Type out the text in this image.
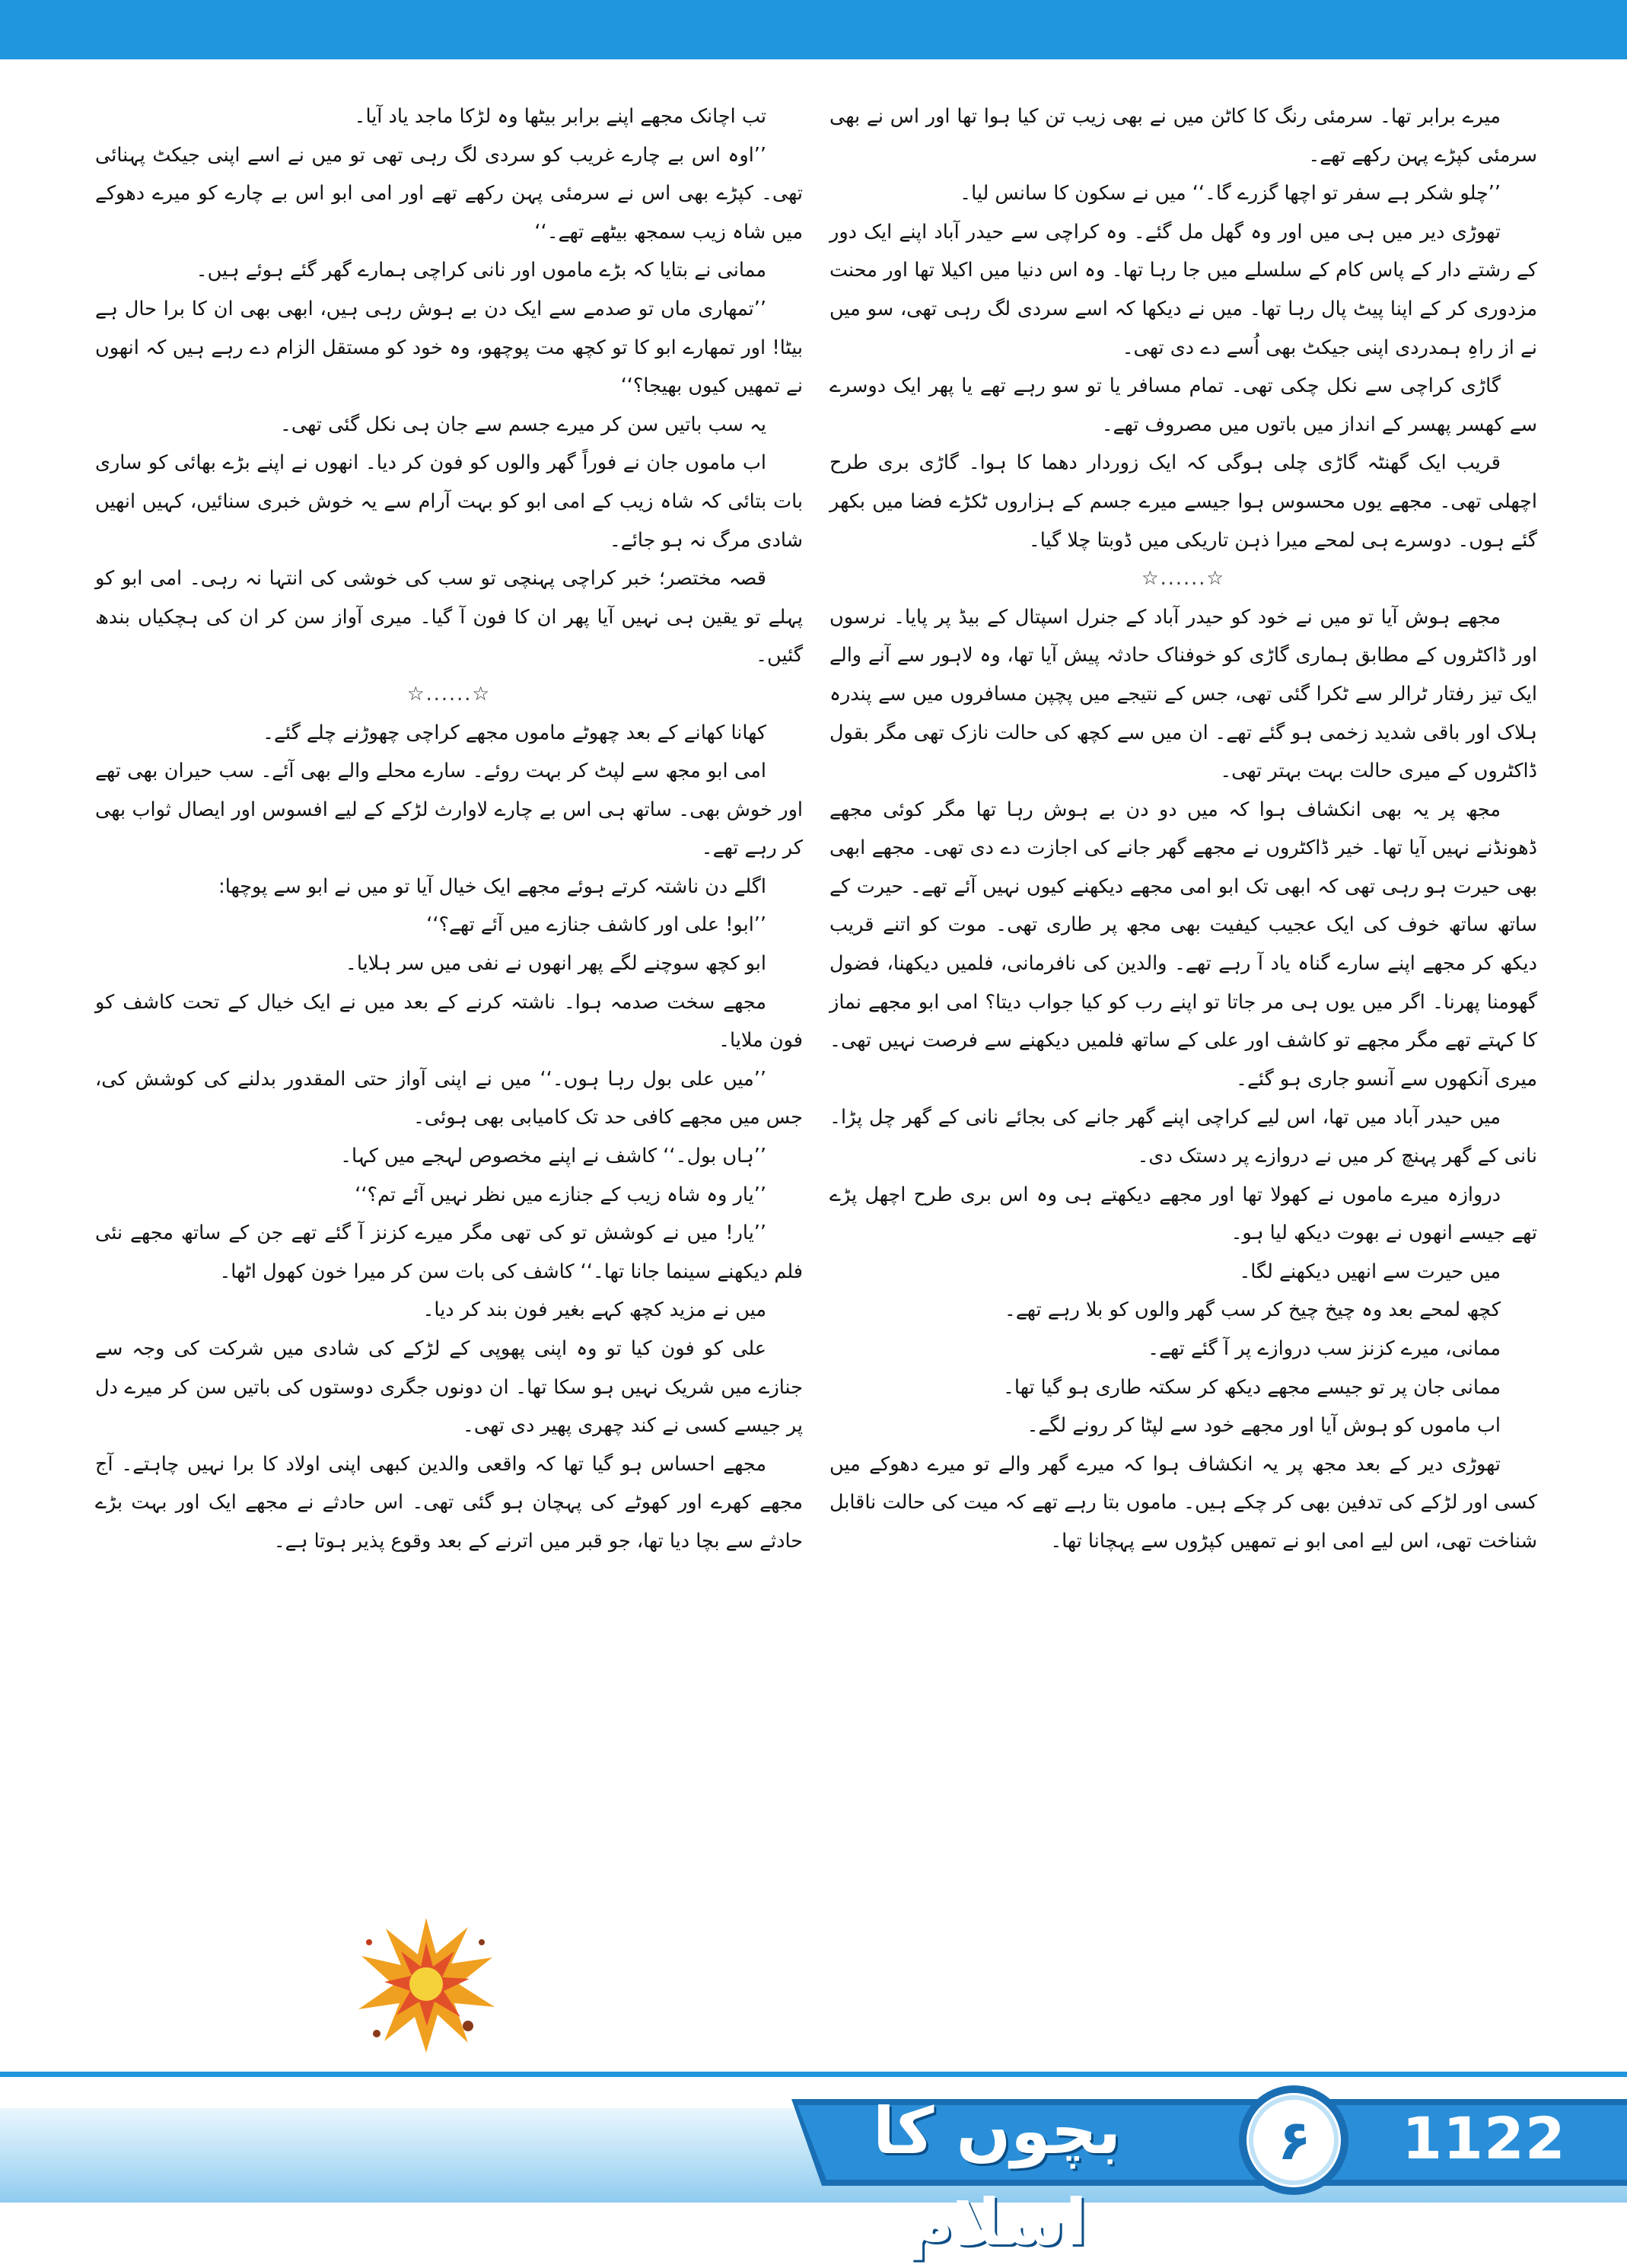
میرے برابر تھا۔ سرمئی رنگ کا کاٹن میں نے بھی زیب تن کیا ہوا تھا اور اس نے بھی سرمئی کپڑے پہن رکھے تھے۔

’’چلو شکر ہے سفر تو اچھا گزرے گا۔‘‘ میں نے سکون کا سانس لیا۔

تھوڑی دیر میں ہی میں اور وہ گھل مل گئے۔ وہ کراچی سے حیدر آباد اپنے ایک دور کے رشتے دار کے پاس کام کے سلسلے میں جا رہا تھا۔ وہ اس دنیا میں اکیلا تھا اور محنت مزدوری کر کے اپنا پیٹ پال رہا تھا۔ میں نے دیکھا کہ اسے سردی لگ رہی تھی، سو میں نے از راہِ ہمدردی اپنی جیکٹ بھی اُسے دے دی تھی۔

گاڑی کراچی سے نکل چکی تھی۔ تمام مسافر یا تو سو رہے تھے یا پھر ایک دوسرے سے کھسر پھسر کے انداز میں باتوں میں مصروف تھے۔

قریب ایک گھنٹہ گاڑی چلی ہوگی کہ ایک زوردار دھما کا ہوا۔ گاڑی بری طرح اچھلی تھی۔ مجھے یوں محسوس ہوا جیسے میرے جسم کے ہزاروں ٹکڑے فضا میں بکھر گئے ہوں۔ دوسرے ہی لمحے میرا ذہن تاریکی میں ڈوبتا چلا گیا۔

☆......☆

مجھے ہوش آیا تو میں نے خود کو حیدر آباد کے جنرل اسپتال کے بیڈ پر پایا۔ نرسوں اور ڈاکٹروں کے مطابق ہماری گاڑی کو خوفناک حادثہ پیش آیا تھا، وہ لاہور سے آنے والے ایک تیز رفتار ٹرالر سے ٹکرا گئی تھی، جس کے نتیجے میں پچپن مسافروں میں سے پندرہ ہلاک اور باقی شدید زخمی ہو گئے تھے۔ ان میں سے کچھ کی حالت نازک تھی مگر بقول ڈاکٹروں کے میری حالت بہت بہتر تھی۔

مجھ پر یہ بھی انکشاف ہوا کہ میں دو دن بے ہوش رہا تھا مگر کوئی مجھے ڈھونڈنے نہیں آیا تھا۔ خیر ڈاکٹروں نے مجھے گھر جانے کی اجازت دے دی تھی۔ مجھے ابھی بھی حیرت ہو رہی تھی کہ ابھی تک ابو امی مجھے دیکھنے کیوں نہیں آئے تھے۔ حیرت کے ساتھ ساتھ خوف کی ایک عجیب کیفیت بھی مجھ پر طاری تھی۔ موت کو اتنے قریب دیکھ کر مجھے اپنے سارے گناہ یاد آ رہے تھے۔ والدین کی نافرمانی، فلمیں دیکھنا، فضول گھومنا پھرنا۔ اگر میں یوں ہی مر جاتا تو اپنے رب کو کیا جواب دیتا؟ امی ابو مجھے نماز کا کہتے تھے مگر مجھے تو کاشف اور علی کے ساتھ فلمیں دیکھنے سے فرصت نہیں تھی۔ میری آنکھوں سے آنسو جاری ہو گئے۔

میں حیدر آباد میں تھا، اس لیے کراچی اپنے گھر جانے کی بجائے نانی کے گھر چل پڑا۔ نانی کے گھر پہنچ کر میں نے دروازے پر دستک دی۔

دروازہ میرے ماموں نے کھولا تھا اور مجھے دیکھتے ہی وہ اس بری طرح اچھل پڑے تھے جیسے انھوں نے بھوت دیکھ لیا ہو۔

میں حیرت سے انھیں دیکھنے لگا۔

کچھ لمحے بعد وہ چیخ چیخ کر سب گھر والوں کو بلا رہے تھے۔

ممانی، میرے کزنز سب دروازے پر آ گئے تھے۔

ممانی جان پر تو جیسے مجھے دیکھ کر سکتہ طاری ہو گیا تھا۔

اب ماموں کو ہوش آیا اور مجھے خود سے لپٹا کر رونے لگے۔

تھوڑی دیر کے بعد مجھ پر یہ انکشاف ہوا کہ میرے گھر والے تو میرے دھوکے میں کسی اور لڑکے کی تدفین بھی کر چکے ہیں۔ ماموں بتا رہے تھے کہ میت کی حالت ناقابل شناخت تھی، اس لیے امی ابو نے تمھیں کپڑوں سے پہچانا تھا۔

تب اچانک مجھے اپنے برابر بیٹھا وہ لڑکا ماجد یاد آیا۔

’’اوہ اس بے چارے غریب کو سردی لگ رہی تھی تو میں نے اسے اپنی جیکٹ پہنائی تھی۔ کپڑے بھی اس نے سرمئی پہن رکھے تھے اور امی ابو اس بے چارے کو میرے دھوکے میں شاہ زیب سمجھ بیٹھے تھے۔‘‘

ممانی نے بتایا کہ بڑے ماموں اور نانی کراچی ہمارے گھر گئے ہوئے ہیں۔

’’تمھاری ماں تو صدمے سے ایک دن بے ہوش رہی ہیں، ابھی بھی ان کا برا حال ہے بیٹا! اور تمھارے ابو کا تو کچھ مت پوچھو، وہ خود کو مستقل الزام دے رہے ہیں کہ انھوں نے تمھیں کیوں بھیجا؟‘‘

یہ سب باتیں سن کر میرے جسم سے جان ہی نکل گئی تھی۔

اب ماموں جان نے فوراً گھر والوں کو فون کر دیا۔ انھوں نے اپنے بڑے بھائی کو ساری بات بتائی کہ شاہ زیب کے امی ابو کو بہت آرام سے یہ خوش خبری سنائیں، کہیں انھیں شادی مرگ نہ ہو جائے۔

قصہ مختصر؛ خبر کراچی پہنچی تو سب کی خوشی کی انتہا نہ رہی۔ امی ابو کو پہلے تو یقین ہی نہیں آیا پھر ان کا فون آ گیا۔ میری آواز سن کر ان کی ہچکیاں بندھ گئیں۔

☆......☆

کھانا کھانے کے بعد چھوٹے ماموں مجھے کراچی چھوڑنے چلے گئے۔

امی ابو مجھ سے لپٹ کر بہت روئے۔ سارے محلے والے بھی آئے۔ سب حیران بھی تھے اور خوش بھی۔ ساتھ ہی اس بے چارے لاوارث لڑکے کے لیے افسوس اور ایصال ثواب بھی کر رہے تھے۔

اگلے دن ناشتہ کرتے ہوئے مجھے ایک خیال آیا تو میں نے ابو سے پوچھا:

’’ابو! علی اور کاشف جنازے میں آئے تھے؟‘‘

ابو کچھ سوچنے لگے پھر انھوں نے نفی میں سر ہلایا۔

مجھے سخت صدمہ ہوا۔ ناشتہ کرنے کے بعد میں نے ایک خیال کے تحت کاشف کو فون ملایا۔

’’میں علی بول رہا ہوں۔‘‘ میں نے اپنی آواز حتی المقدور بدلنے کی کوشش کی، جس میں مجھے کافی حد تک کامیابی بھی ہوئی۔

’’ہاں بول۔‘‘ کاشف نے اپنے مخصوص لہجے میں کہا۔

’’یار وہ شاہ زیب کے جنازے میں نظر نہیں آئے تم؟‘‘

’’یار! میں نے کوشش تو کی تھی مگر میرے کزنز آ گئے تھے جن کے ساتھ مجھے نئی فلم دیکھنے سینما جانا تھا۔‘‘ کاشف کی بات سن کر میرا خون کھول اٹھا۔

میں نے مزید کچھ کہے بغیر فون بند کر دیا۔

علی کو فون کیا تو وہ اپنی پھوپی کے لڑکے کی شادی میں شرکت کی وجہ سے جنازے میں شریک نہیں ہو سکا تھا۔ ان دونوں جگری دوستوں کی باتیں سن کر میرے دل پر جیسے کسی نے کند چھری پھیر دی تھی۔

مجھے احساس ہو گیا تھا کہ واقعی والدین کبھی اپنی اولاد کا برا نہیں چاہتے۔ آج مجھے کھرے اور کھوٹے کی پہچان ہو گئی تھی۔ اس حادثے نے مجھے ایک اور بہت بڑے حادثے سے بچا دیا تھا، جو قبر میں اترنے کے بعد وقوع پذیر ہوتا ہے۔

بچوں کا اسلام
۶	1122
